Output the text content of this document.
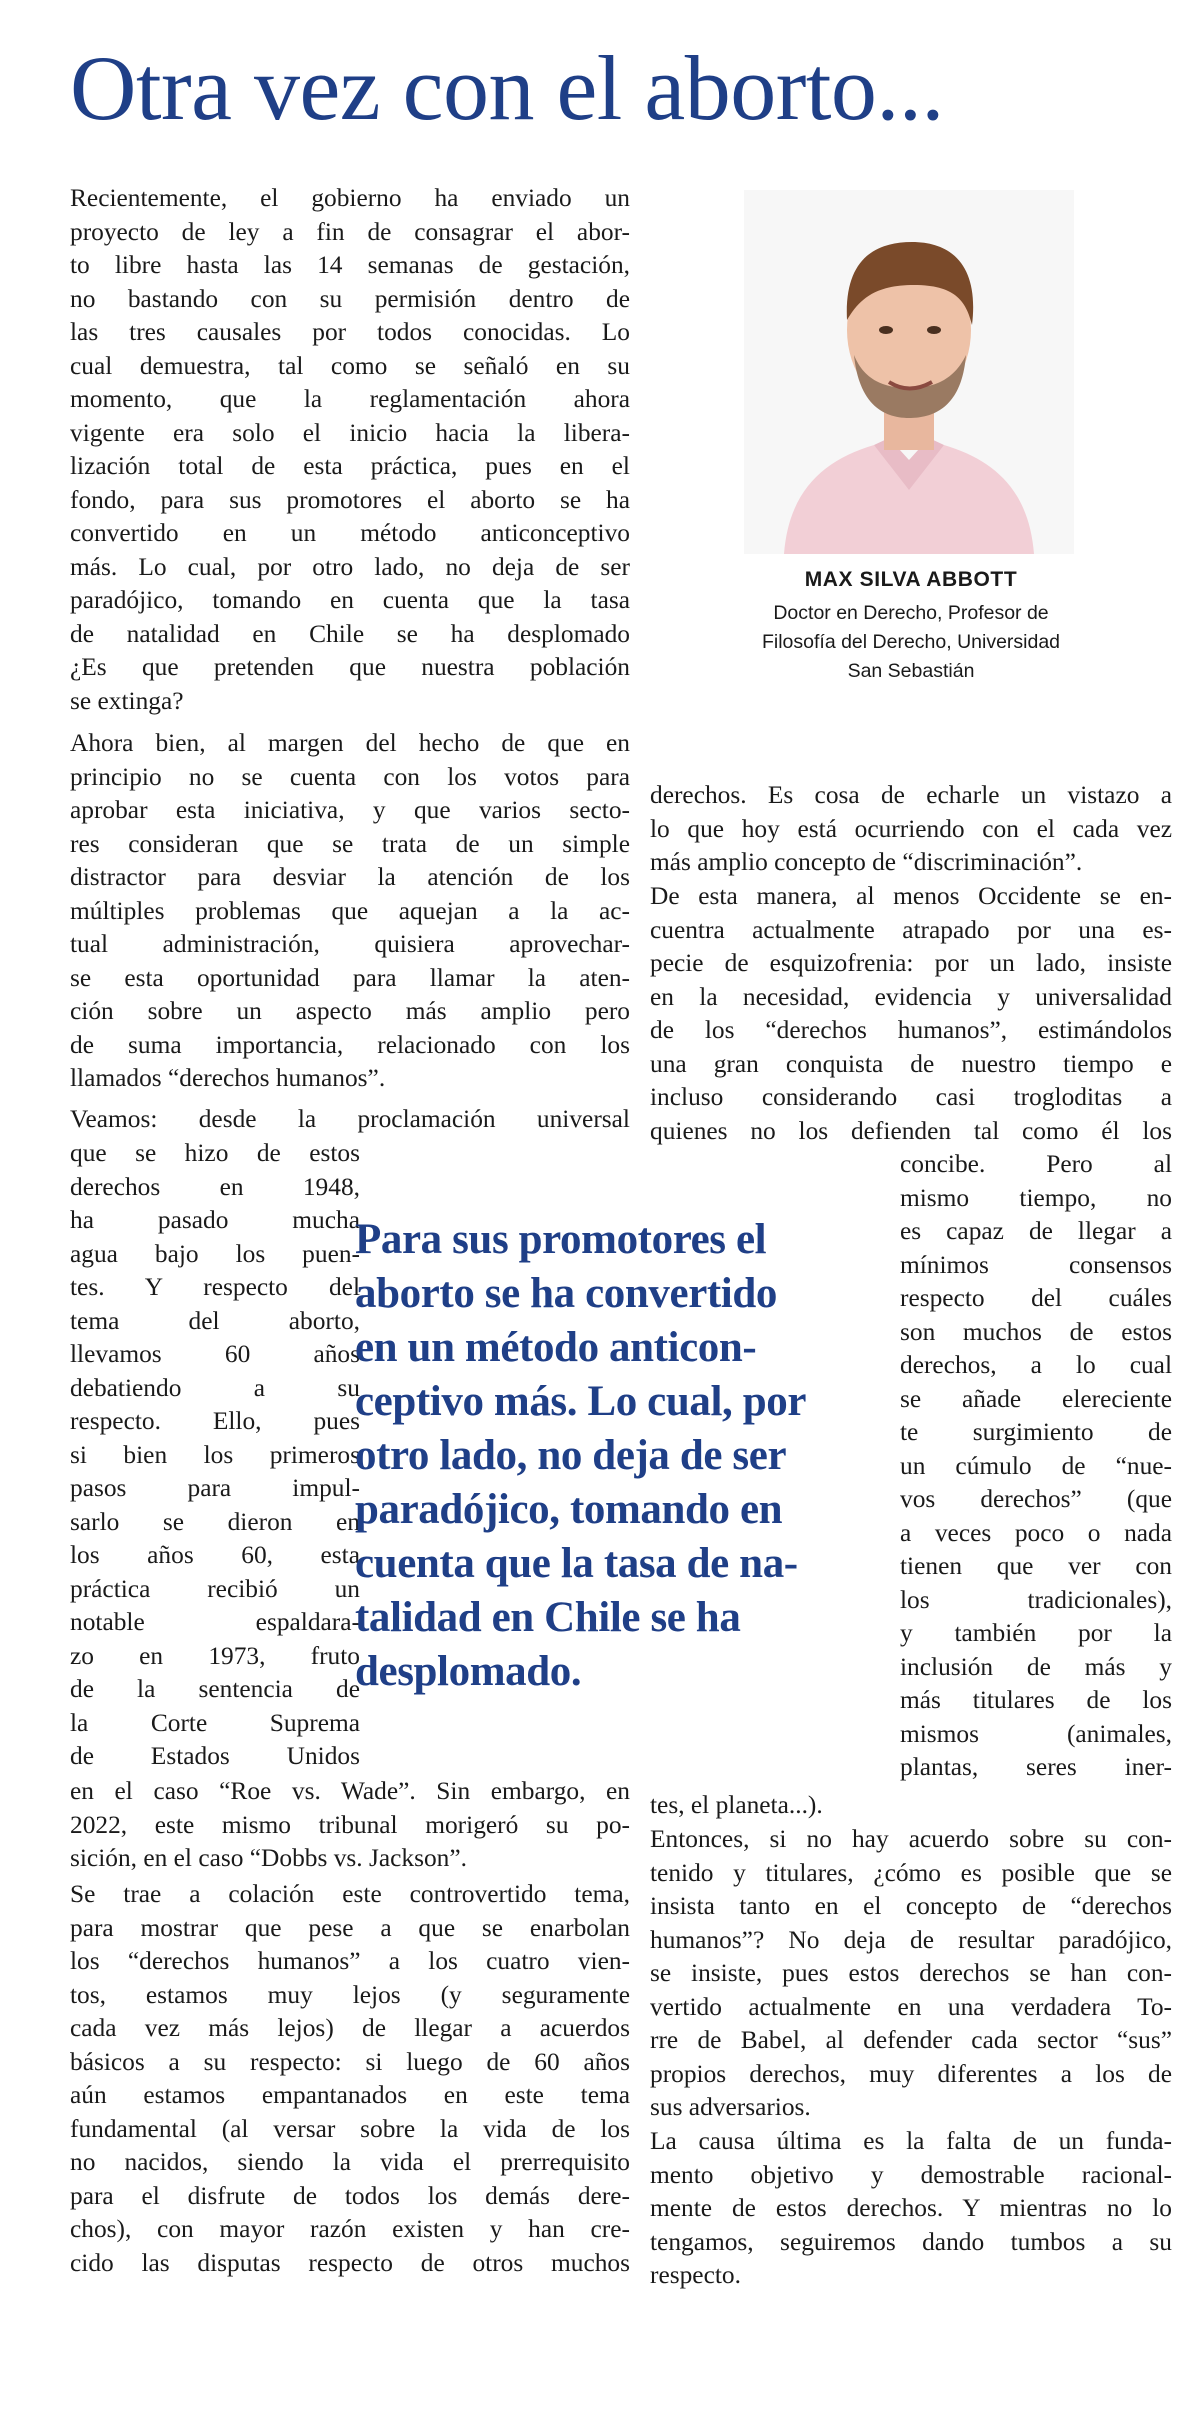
Otra vez con el aborto...
Recientemente, el gobierno ha enviado un
proyecto de ley a fin de consagrar el abor-
to libre hasta las 14 semanas de gestación,
no bastando con su permisión dentro de
las tres causales por todos conocidas. Lo
cual demuestra, tal como se señaló en su
momento, que la reglamentación ahora
vigente era solo el inicio hacia la libera-
lización total de esta práctica, pues en el
fondo, para sus promotores el aborto se ha
convertido en un método anticonceptivo
más. Lo cual, por otro lado, no deja de ser
paradójico, tomando en cuenta que la tasa
de natalidad en Chile se ha desplomado
¿Es que pretenden que nuestra población
se extinga?
Ahora bien, al margen del hecho de que en
principio no se cuenta con los votos para
aprobar esta iniciativa, y que varios secto-
res consideran que se trata de un simple
distractor para desviar la atención de los
múltiples problemas que aquejan a la ac-
tual administración, quisiera aprovechar-
se esta oportunidad para llamar la aten-
ción sobre un aspecto más amplio pero
de suma importancia, relacionado con los
llamados “derechos humanos”.
Veamos: desde la proclamación universal
que se hizo de estos
derechos en 1948,
ha pasado mucha
agua bajo los puen-
tes. Y respecto del
tema del aborto,
llevamos 60 años
debatiendo a su
respecto. Ello, pues
si bien los primeros
pasos para impul-
sarlo se dieron en
los años 60, esta
práctica recibió un
notable espaldara-
zo en 1973, fruto
de la sentencia de
la Corte Suprema
de Estados Unidos
en el caso “Roe vs. Wade”. Sin embargo, en
2022, este mismo tribunal morigeró su po-
sición, en el caso “Dobbs vs. Jackson”.
Se trae a colación este controvertido tema,
para mostrar que pese a que se enarbolan
los “derechos humanos” a los cuatro vien-
tos, estamos muy lejos (y seguramente
cada vez más lejos) de llegar a acuerdos
básicos a su respecto: si luego de 60 años
aún estamos empantanados en este tema
fundamental (al versar sobre la vida de los
no nacidos, siendo la vida el prerrequisito
para el disfrute de todos los demás dere-
chos), con mayor razón existen y han cre-
cido las disputas respecto de otros muchos
MAX SILVA ABBOTT
Doctor en Derecho, Profesor de
Filosofía del Derecho, Universidad
San Sebastián
derechos. Es cosa de echarle un vistazo a
lo que hoy está ocurriendo con el cada vez
más amplio concepto de “discriminación”.
De esta manera, al menos Occidente se en-
cuentra actualmente atrapado por una es-
pecie de esquizofrenia: por un lado, insiste
en la necesidad, evidencia y universalidad
de los “derechos humanos”, estimándolos
una gran conquista de nuestro tiempo e
incluso considerando casi trogloditas a
quienes no los defienden tal como él los
concibe. Pero al
mismo tiempo, no
es capaz de llegar a
mínimos consensos
respecto del cuáles
son muchos de estos
derechos, a lo cual
se añade elereciente
te surgimiento de
un cúmulo de “nue-
vos derechos” (que
a veces poco o nada
tienen que ver con
los tradicionales),
y también por la
inclusión de más y
más titulares de los
mismos (animales,
plantas, seres iner-
tes, el planeta...).
Entonces, si no hay acuerdo sobre su con-
tenido y titulares, ¿cómo es posible que se
insista tanto en el concepto de “derechos
humanos”? No deja de resultar paradójico,
se insiste, pues estos derechos se han con-
vertido actualmente en una verdadera To-
rre de Babel, al defender cada sector “sus”
propios derechos, muy diferentes a los de
sus adversarios.
La causa última es la falta de un funda-
mento objetivo y demostrable racional-
mente de estos derechos. Y mientras no lo
tengamos, seguiremos dando tumbos a su
respecto.
Para sus promotores el
aborto se ha convertido
en un método anticon-
ceptivo más. Lo cual, por
otro lado, no deja de ser
paradójico, tomando en
cuenta que la tasa de na-
talidad en Chile se ha
desplomado.
